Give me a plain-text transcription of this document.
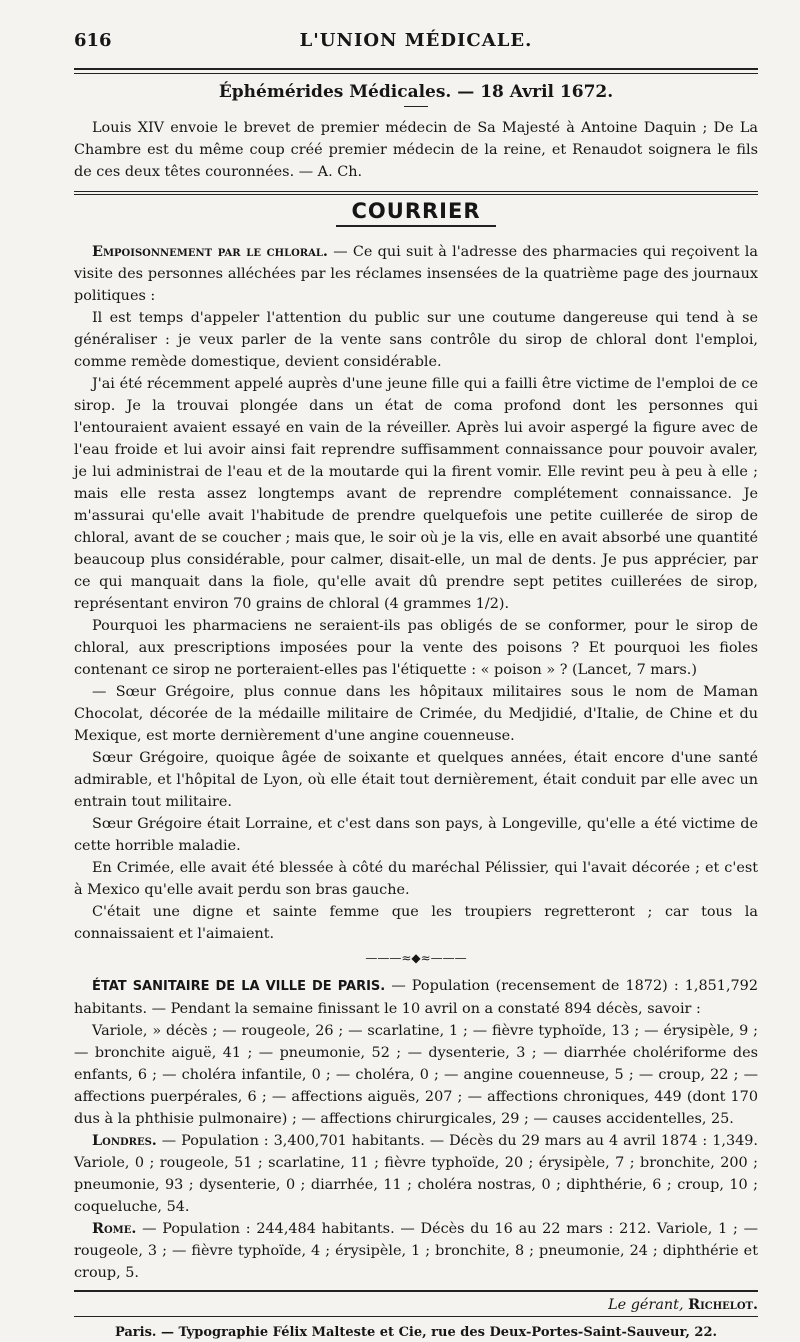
616	L'UNION MÉDICALE.
Éphémérides Médicales. — 18 Avril 1672.

Louis XIV envoie le brevet de premier médecin de Sa Majesté à Antoine Daquin ; De La Chambre est du même coup créé premier médecin de la reine, et Renaudot soignera le fils de ces deux têtes couronnées. — A. Ch.

COURRIER

Empoisonnement par le chloral. — Ce qui suit à l'adresse des pharmacies qui reçoivent la visite des personnes alléchées par les réclames insensées de la quatrième page des journaux politiques :

Il est temps d'appeler l'attention du public sur une coutume dangereuse qui tend à se généraliser : je veux parler de la vente sans contrôle du sirop de chloral dont l'emploi, comme remède domestique, devient considérable.

J'ai été récemment appelé auprès d'une jeune fille qui a failli être victime de l'emploi de ce sirop. Je la trouvai plongée dans un état de coma profond dont les personnes qui l'entouraient avaient essayé en vain de la réveiller. Après lui avoir aspergé la figure avec de l'eau froide et lui avoir ainsi fait reprendre suffisamment connaissance pour pouvoir avaler, je lui administrai de l'eau et de la moutarde qui la firent vomir. Elle revint peu à peu à elle ; mais elle resta assez longtemps avant de reprendre complétement connaissance. Je m'assurai qu'elle avait l'habitude de prendre quelquefois une petite cuillerée de sirop de chloral, avant de se coucher ; mais que, le soir où je la vis, elle en avait absorbé une quantité beaucoup plus considérable, pour calmer, disait-elle, un mal de dents. Je pus apprécier, par ce qui manquait dans la fiole, qu'elle avait dû prendre sept petites cuillerées de sirop, représentant environ 70 grains de chloral (4 grammes 1/2).

Pourquoi les pharmaciens ne seraient-ils pas obligés de se conformer, pour le sirop de chloral, aux prescriptions imposées pour la vente des poisons ? Et pourquoi les fioles contenant ce sirop ne porteraient-elles pas l'étiquette : « poison » ? (Lancet, 7 mars.)

— Sœur Grégoire, plus connue dans les hôpitaux militaires sous le nom de Maman Chocolat, décorée de la médaille militaire de Crimée, du Medjidié, d'Italie, de Chine et du Mexique, est morte dernièrement d'une angine couenneuse.

Sœur Grégoire, quoique âgée de soixante et quelques années, était encore d'une santé admirable, et l'hôpital de Lyon, où elle était tout dernièrement, était conduit par elle avec un entrain tout militaire.

Sœur Grégoire était Lorraine, et c'est dans son pays, à Longeville, qu'elle a été victime de cette horrible maladie.

En Crimée, elle avait été blessée à côté du maréchal Pélissier, qui l'avait décorée ; et c'est à Mexico qu'elle avait perdu son bras gauche.

C'était une digne et sainte femme que les troupiers regretteront ; car tous la connaissaient et l'aimaient.

———≈◆≈———

ÉTAT SANITAIRE DE LA VILLE DE PARIS. — Population (recensement de 1872) : 1,851,792 habitants. — Pendant la semaine finissant le 10 avril on a constaté 894 décès, savoir :

Variole, » décès ; — rougeole, 26 ; — scarlatine, 1 ; — fièvre typhoïde, 13 ; — érysipèle, 9 ; — bronchite aiguë, 41 ; — pneumonie, 52 ; — dysenterie, 3 ; — diarrhée cholériforme des enfants, 6 ; — choléra infantile, 0 ; — choléra, 0 ; — angine couenneuse, 5 ; — croup, 22 ; — affections puerpérales, 6 ; — affections aiguës, 207 ; — affections chroniques, 449 (dont 170 dus à la phthisie pulmonaire) ; — affections chirurgicales, 29 ; — causes accidentelles, 25.

Londres. — Population : 3,400,701 habitants. — Décès du 29 mars au 4 avril 1874 : 1,349. Variole, 0 ; rougeole, 51 ; scarlatine, 11 ; fièvre typhoïde, 20 ; érysipèle, 7 ; bronchite, 200 ; pneumonie, 93 ; dysenterie, 0 ; diarrhée, 11 ; choléra nostras, 0 ; diphthérie, 6 ; croup, 10 ; coqueluche, 54.

Rome. — Population : 244,484 habitants. — Décès du 16 au 22 mars : 212. Variole, 1 ; — rougeole, 3 ; — fièvre typhoïde, 4 ; érysipèle, 1 ; bronchite, 8 ; pneumonie, 24 ; diphthérie et croup, 5.

Le gérant, Richelot.
Paris. — Typographie Félix Malteste et Cie, rue des Deux-Portes-Saint-Sauveur, 22.
